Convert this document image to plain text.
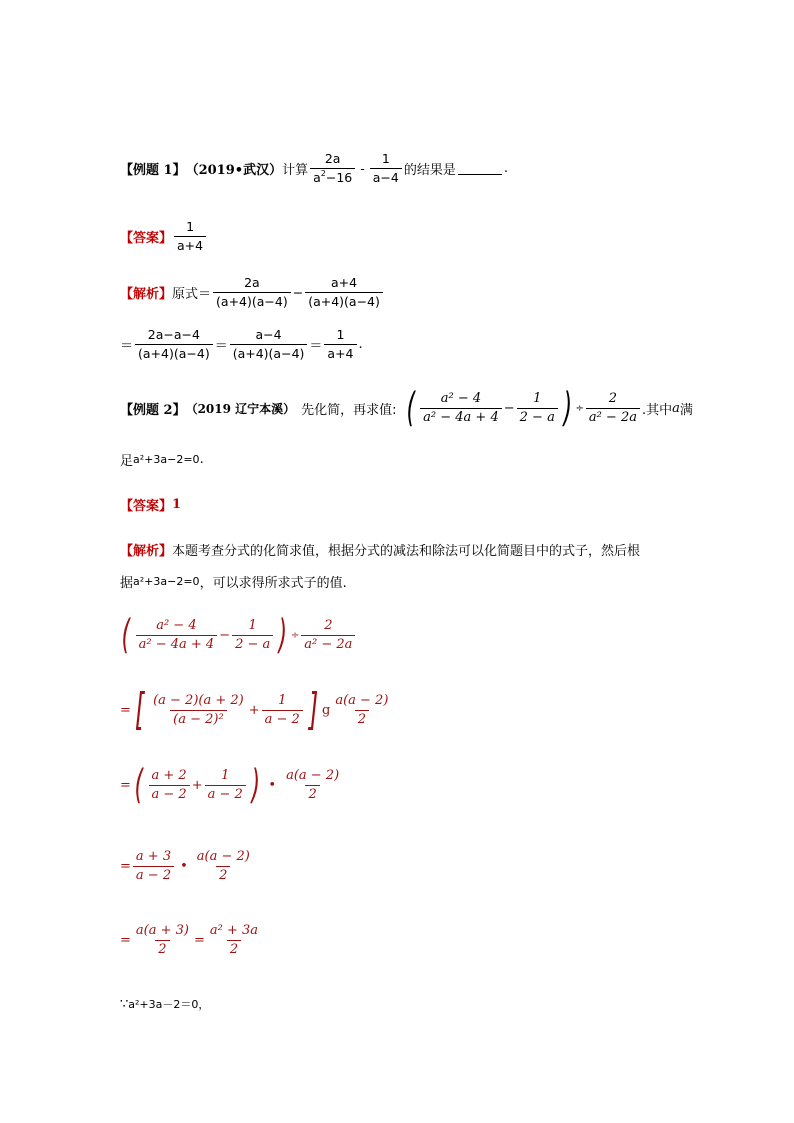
【例题 1】 （2019•武汉） 计算 $\frac{2a}{a^2-16} - \frac{1}{a-4}$ 的结果是	.
【答案】 $\frac{1}{a+4}$
【解析】 原式＝ $\frac{2a}{(a+4)(a-4)} - \frac{a+4}{(a+4)(a-4)}$
＝ $\frac{2a-a-4}{(a+4)(a-4)} = \frac{a-4}{(a+4)(a-4)} = \frac{1}{a+4}$ .
【例题 2】 （2019 辽宁本溪） 先化简，再求值: ( $\frac{\text{a² − 4}}{\text{a² − 4a + 4}} - \frac{1}{2 - a}$ ) ÷ $\frac{2}{\text{a² − 2a}}$ .其中 a 满
足 a²+3a−2=0 .
【答案】 1
【解析】 本题考查分式的化简求值，根据分式的减法和除法可以化简题目中的式子，然后根
据 a²+3a−2=0 ，可以求得所求式子的值.
( $\frac{\text{a² − 4}}{\text{a² − 4a + 4}} - \frac{1}{2 - a}$ ) ÷ $\frac{2}{\text{a² − 2a}}$
= [ $\frac{(a - 2)(a + 2)}{\text{(a − 2)²}} + \frac{1}{a - 2}$ ] g $\frac{a(a - 2)}{2}$
= ( $\frac{a + 2}{a - 2} + \frac{1}{a - 2}$ ) • $\frac{a(a - 2)}{2}$
= $\frac{a + 3}{a - 2}$ • $\frac{a(a - 2)}{2}$
= $\frac{a(a + 3)}{2} = \frac{\text{a² + 3a}}{2}$
∵ a²+3a－2＝0，
